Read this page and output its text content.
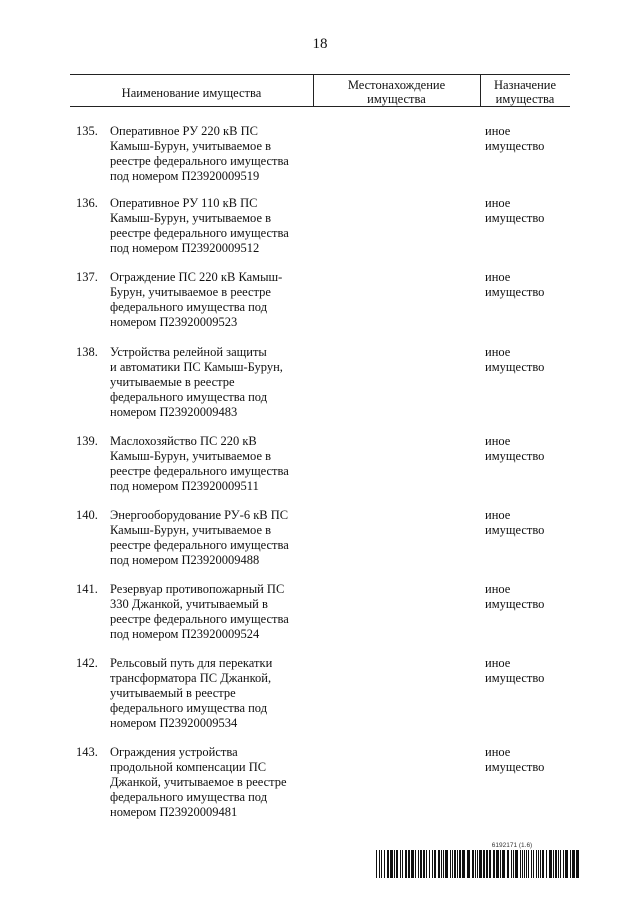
18
Наименование имущества
Местонахождение
имущества
Назначение
имущества
135. Оперативное РУ 220 кВ ПС
Камыш-Бурун, учитываемое в
реестре федерального имущества
под номером П23920009519
иное
имущество
136. Оперативное РУ 110 кВ ПС
Камыш-Бурун, учитываемое в
реестре федерального имущества
под номером П23920009512
иное
имущество
137. Ограждение ПС 220 кВ Камыш-
Бурун, учитываемое в реестре
федерального имущества под
номером П23920009523
иное
имущество
138. Устройства релейной защиты
и автоматики ПС Камыш-Бурун,
учитываемые в реестре
федерального имущества под
номером П23920009483
иное
имущество
139. Маслохозяйство ПС 220 кВ
Камыш-Бурун, учитываемое в
реестре федерального имущества
под номером П23920009511
иное
имущество
140. Энергооборудование РУ-6 кВ ПС
Камыш-Бурун, учитываемое в
реестре федерального имущества
под номером П23920009488
иное
имущество
141. Резервуар противопожарный ПС
330 Джанкой, учитываемый в
реестре федерального имущества
под номером П23920009524
иное
имущество
142. Рельсовый путь для перекатки
трансформатора ПС Джанкой,
учитываемый в реестре
федерального имущества под
номером П23920009534
иное
имущество
143. Ограждения устройства
продольной компенсации ПС
Джанкой, учитываемое в реестре
федерального имущества под
номером П23920009481
иное
имущество
6192171 (1.6)
